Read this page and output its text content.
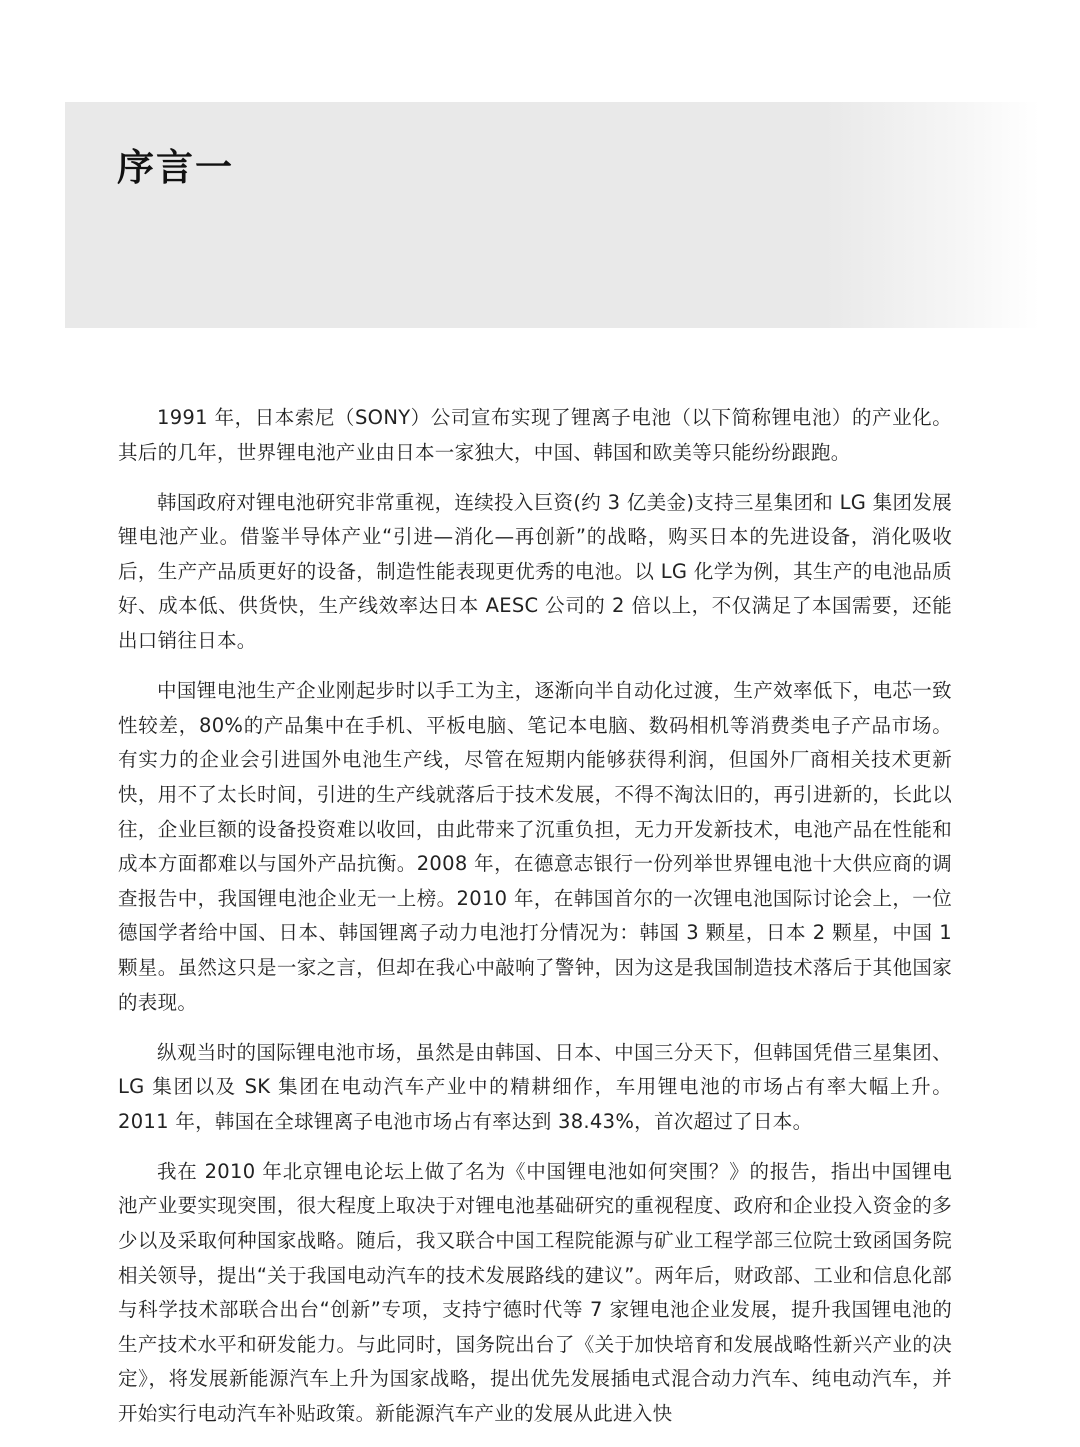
序言一

1991 年，日本索尼（SONY）公司宣布实现了锂离子电池（以下简称锂电池）的产业化。其后的几年，世界锂电池产业由日本一家独大，中国、韩国和欧美等只能纷纷跟跑。

韩国政府对锂电池研究非常重视，连续投入巨资(约 3 亿美金)支持三星集团和 LG 集团发展锂电池产业。借鉴半导体产业“引进—消化—再创新”的战略，购买日本的先进设备，消化吸收后，生产产品质更好的设备，制造性能表现更优秀的电池。以 LG 化学为例，其生产的电池品质好、成本低、供货快，生产线效率达日本 AESC 公司的 2 倍以上，不仅满足了本国需要，还能出口销往日本。

中国锂电池生产企业刚起步时以手工为主，逐渐向半自动化过渡，生产效率低下，电芯一致性较差，80%的产品集中在手机、平板电脑、笔记本电脑、数码相机等消费类电子产品市场。有实力的企业会引进国外电池生产线，尽管在短期内能够获得利润，但国外厂商相关技术更新快，用不了太长时间，引进的生产线就落后于技术发展，不得不淘汰旧的，再引进新的，长此以往，企业巨额的设备投资难以收回，由此带来了沉重负担，无力开发新技术，电池产品在性能和成本方面都难以与国外产品抗衡。2008 年，在德意志银行一份列举世界锂电池十大供应商的调查报告中，我国锂电池企业无一上榜。2010 年，在韩国首尔的一次锂电池国际讨论会上，一位德国学者给中国、日本、韩国锂离子动力电池打分情况为：韩国 3 颗星，日本 2 颗星，中国 1 颗星。虽然这只是一家之言，但却在我心中敲响了警钟，因为这是我国制造技术落后于其他国家的表现。

纵观当时的国际锂电池市场，虽然是由韩国、日本、中国三分天下，但韩国凭借三星集团、LG 集团以及 SK 集团在电动汽车产业中的精耕细作，车用锂电池的市场占有率大幅上升。2011 年，韩国在全球锂离子电池市场占有率达到 38.43%，首次超过了日本。

我在 2010 年北京锂电论坛上做了名为《中国锂电池如何突围？》的报告，指出中国锂电池产业要实现突围，很大程度上取决于对锂电池基础研究的重视程度、政府和企业投入资金的多少以及采取何种国家战略。随后，我又联合中国工程院能源与矿业工程学部三位院士致函国务院相关领导，提出“关于我国电动汽车的技术发展路线的建议”。两年后，财政部、工业和信息化部与科学技术部联合出台“创新”专项，支持宁德时代等 7 家锂电池企业发展，提升我国锂电池的生产技术水平和研发能力。与此同时，国务院出台了《关于加快培育和发展战略性新兴产业的决定》，将发展新能源汽车上升为国家战略，提出优先发展插电式混合动力汽车、纯电动汽车，并开始实行电动汽车补贴政策。新能源汽车产业的发展从此进入快
